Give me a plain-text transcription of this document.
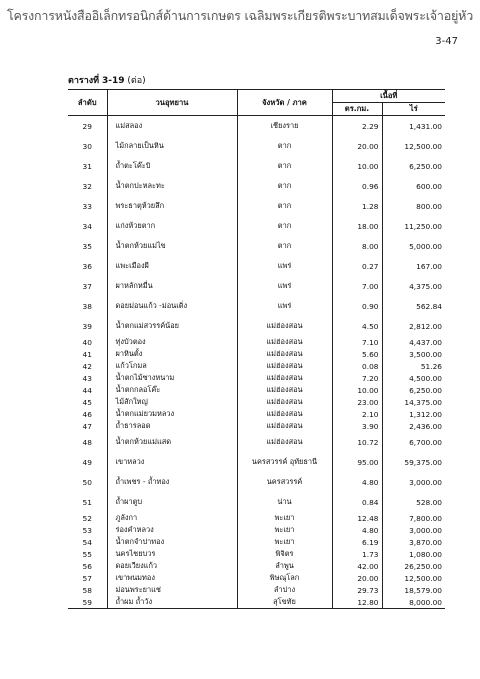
โครงการหนังสืออิเล็กทรอนิกส์ด้านการเกษตร เฉลิมพระเกียรติพระบาทสมเด็จพระเจ้าอยู่หัว
3-47
ตารางที่ 3-19 (ต่อ)
ลำดับ	วนอุทยาน	จังหวัด / ภาค	เนื้อที่	
			ตร.กม.	ไร่
29	แม่สลอง	เชียงราย	2.29	1,431.00
30	ไม้กลายเป็นหิน	ตาก	20.00	12,500.00
31	ถ้ำตะโค๊ะบิ	ตาก	10.00	6,250.00
32	น้ำตกปะหละทะ	ตาก	0.96	600.00
33	พระธาตุห้วยลึก	ตาก	1.28	800.00
34	แก่งห้วยตาก	ตาก	18.00	11,250.00
35	น้ำตกห้วยแม่ไข	ตาก	8.00	5,000.00
36	แพะเมืองผี	แพร่	0.27	167.00
37	ผาหลักหมื่น	แพร่	7.00	4,375.00
38	ดอยม่อนแก้ว -ม่อนเดิ่ง	แพร่	0.90	562.84
39	น้ำตกแม่สวรรค์น้อย	แม่ฮ่องสอน	4.50	2,812.00
40	ทุ่งบัวตอง	แม่ฮ่องสอน	7.10	4,437.00
41	ผาหินตั้ง	แม่ฮ่องสอน	5.60	3,500.00
42	แก้วโกมล	แม่ฮ่องสอน	0.08	51.26
43	น้ำตกไม้ซางหนาม	แม่ฮ่องสอน	7.20	4,500.00
44	น้ำตกกลอโค๊ะ	แม่ฮ่องสอน	10.00	6,250.00
45	ไม้สักใหญ่	แม่ฮ่องสอน	23.00	14,375.00
46	น้ำตกแม่ยวมหลวง	แม่ฮ่องสอน	2.10	1,312.00
47	ถ้ำธารลอด	แม่ฮ่องสอน	3.90	2,436.00
48	น้ำตกห้วยแม่แสด	แม่ฮ่องสอน	10.72	6,700.00
49	เขาหลวง	นครสวรรค์ อุทัยธานี	95.00	59,375.00
50	ถ้ำเพชร - ถ้ำทอง	นครสวรรค์	4.80	3,000.00
51	ถ้ำผาตูบ	น่าน	0.84	528.00
52	ภูลังกา	พะเยา	12.48	7,800.00
53	ร่องคำหลวง	พะเยา	4.80	3,000.00
54	น้ำตกจำปาทอง	พะเยา	6.19	3,870.00
55	นครไชยบวร	พิจิตร	1.73	1,080.00
56	ดอยเวียงแก้ว	ลำพูน	42.00	26,250.00
57	เขาพนมทอง	พิษณุโลก	20.00	12,500.00
58	ม่อนพระยาแช่	ลำปาง	29.73	18,579.00
59	ถ้ำผม ถ้ำวัง	สุโขทัย	12.80	8,000.00
